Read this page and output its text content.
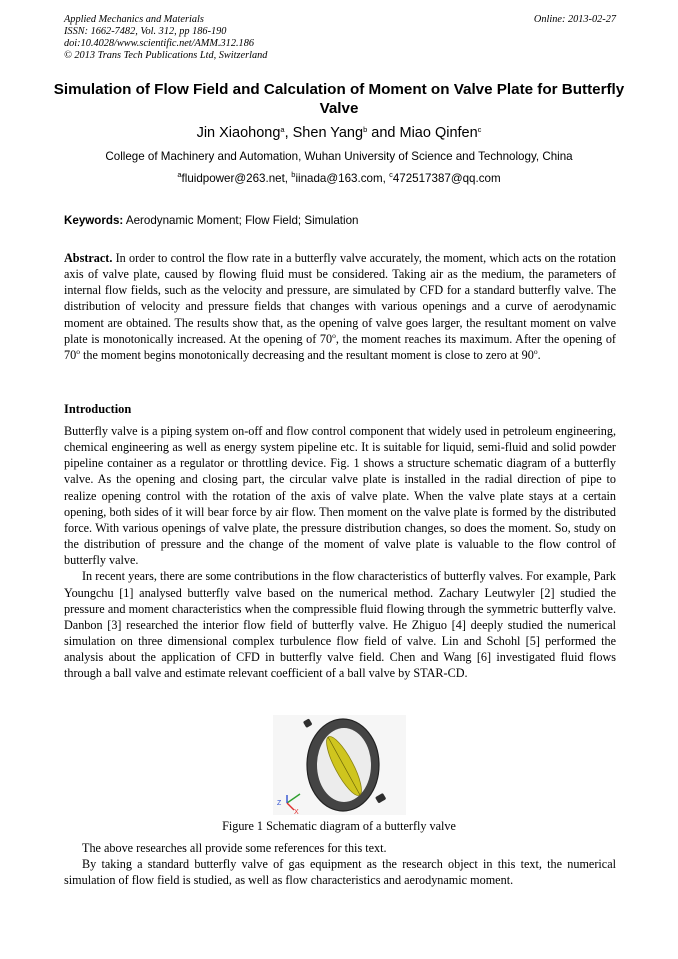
Applied Mechanics and Materials
ISSN: 1662-7482, Vol. 312, pp 186-190
doi:10.4028/www.scientific.net/AMM.312.186
© 2013 Trans Tech Publications Ltd, Switzerland
Online: 2013-02-27
Simulation of Flow Field and Calculation of Moment on Valve Plate for Butterfly Valve
Jin Xiaohong$^a$, Shen Yang$^b$ and Miao Qinfen$^c$
College of Machinery and Automation, Wuhan University of Science and Technology, China
$^a$fluidpower@263.net, $^b$iinada@163.com, $^c$472517387@qq.com
Keywords: Aerodynamic Moment; Flow Field; Simulation
Abstract. In order to control the flow rate in a butterfly valve accurately, the moment, which acts on the rotation axis of valve plate, caused by flowing fluid must be considered. Taking air as the medium, the parameters of internal flow fields, such as the velocity and pressure, are simulated by CFD for a standard butterfly valve. The distribution of velocity and pressure fields that changes with various openings and a curve of aerodynamic moment are obtained. The results show that, as the opening of valve goes larger, the resultant moment on valve plate is monotonically increased. At the opening of 70$^o$, the moment reaches its maximum. After the opening of 70$^o$ the moment begins monotonically decreasing and the resultant moment is close to zero at 90$^o$.
Introduction

Butterfly valve is a piping system on-off and flow control component that widely used in petroleum engineering, chemical engineering as well as energy system pipeline etc. It is suitable for liquid, semi-fluid and solid powder pipeline container as a regulator or throttling device. Fig. 1 shows a structure schematic diagram of a butterfly valve. As the opening and closing part, the circular valve plate is installed in the radial direction of pipe to realize opening control with the rotation of the axis of valve plate. When the valve plate stays at a certain opening, both sides of it will bear force by air flow. Then moment on the valve plate is formed by the distributed force. With various openings of valve plate, the pressure distribution changes, so does the moment. So, study on the distribution of pressure and the change of the moment of valve plate is valuable to the flow control of butterfly valve.

In recent years, there are some contributions in the flow characteristics of butterfly valves. For example, Park Youngchu [1] analysed butterfly valve based on the numerical method. Zachary Leutwyler [2] studied the pressure and moment characteristics when the compressible fluid flowing through the symmetric butterfly valve. Danbon [3] researched the interior flow field of butterfly valve. He Zhiguo [4] deeply studied the numerical simulation on three dimensional complex turbulence flow field of valve. Lin and Schohl [5] performed the analysis about the application of CFD in butterfly valve field. Chen and Wang [6] investigated fluid flows through a ball valve and estimate relevant coefficient of a ball valve by STAR-CD.

Z
X
Figure 1 Schematic diagram of a butterfly valve

The above researches all provide some references for this text.

By taking a standard butterfly valve of gas equipment as the research object in this text, the numerical simulation of flow field is studied, as well as flow characteristics and aerodynamic moment.
